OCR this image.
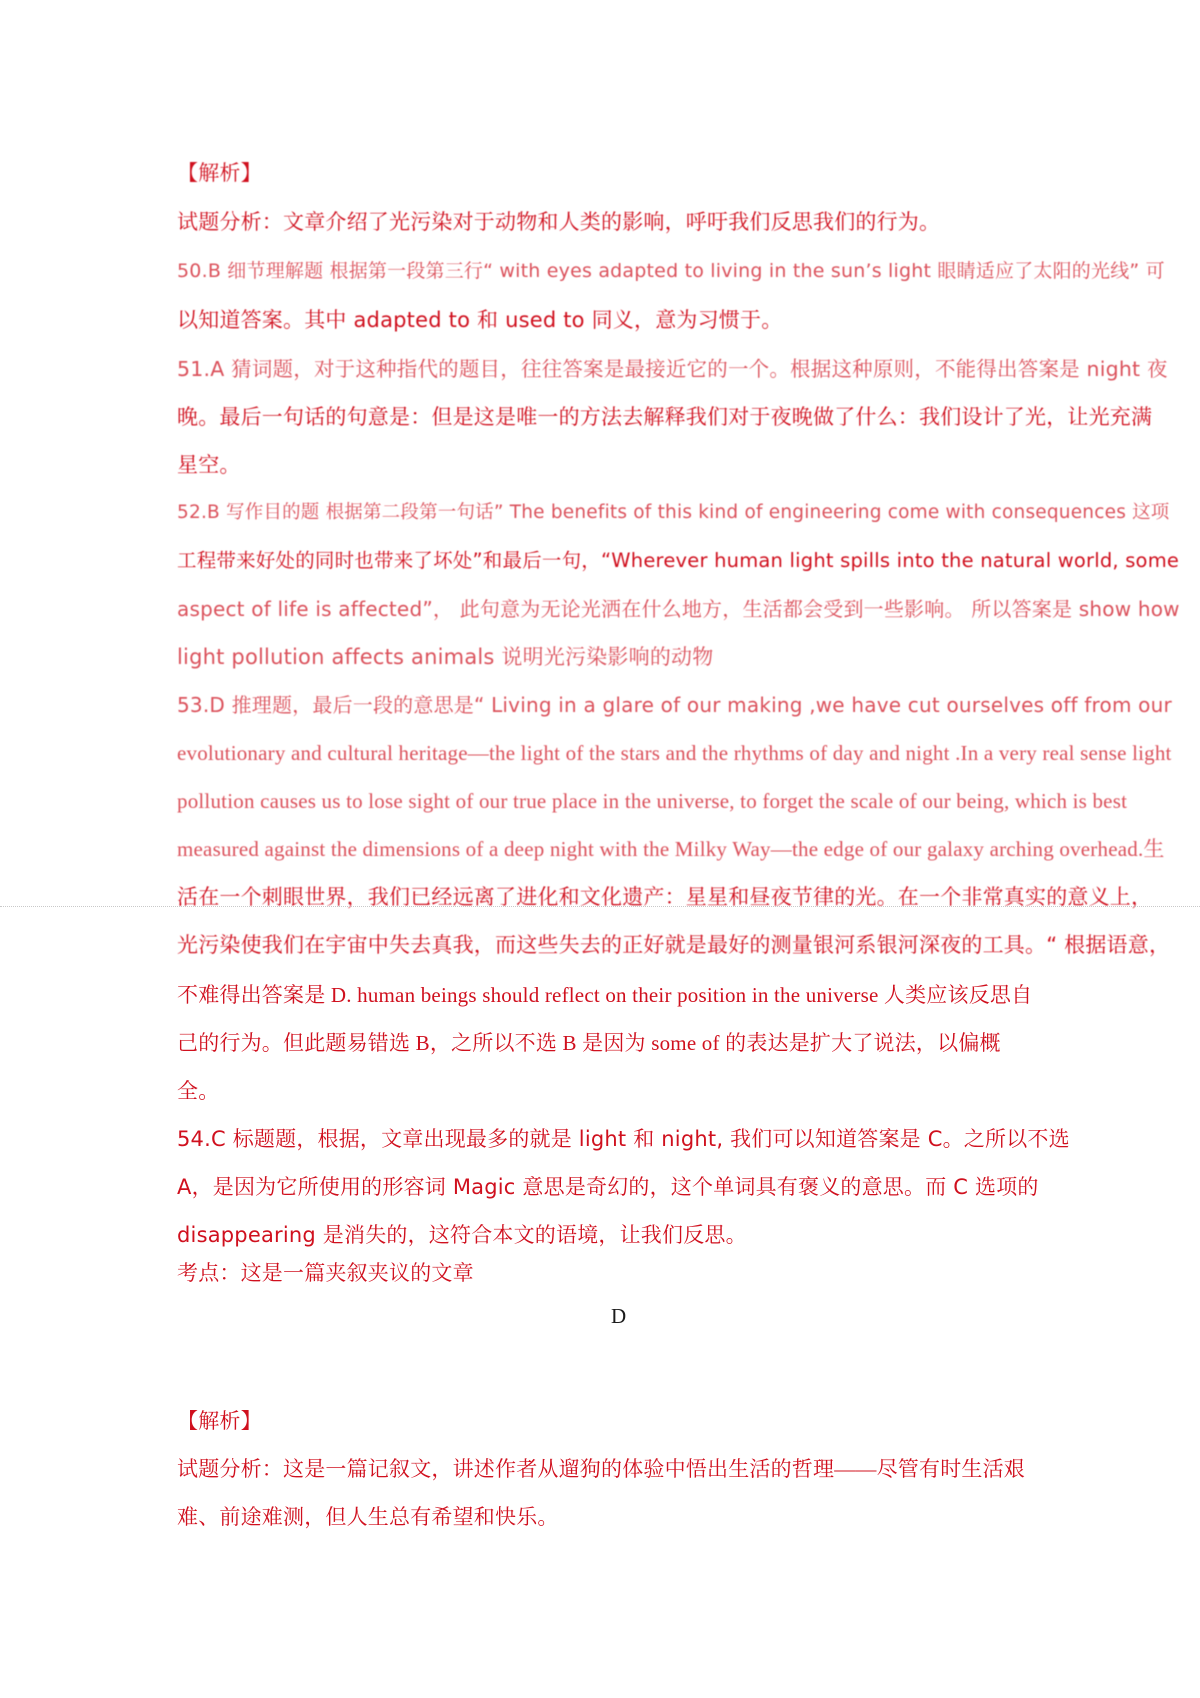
【解析】
试题分析：文章介绍了光污染对于动物和人类的影响，呼吁我们反思我们的行为。
50.B 细节理解题 根据第一段第三行“ with eyes adapted to living in the sun’s light 眼睛适应了太阳的光线” 可
以知道答案。其中 adapted to 和 used to 同义，意为习惯于。
51.A 猜词题，对于这种指代的题目，往往答案是最接近它的一个。根据这种原则，不能得出答案是 night 夜
晚。最后一句话的句意是：但是这是唯一的方法去解释我们对于夜晚做了什么：我们设计了光，让光充满
星空。
52.B 写作目的题 根据第二段第一句话” The benefits of this kind of engineering come with consequences 这项
工程带来好处的同时也带来了坏处”和最后一句，“Wherever human light spills into the natural world, some
aspect of life is affected”， 此句意为无论光洒在什么地方，生活都会受到一些影响。 所以答案是 show how
light pollution affects animals 说明光污染影响的动物
53.D 推理题，最后一段的意思是“ Living in a glare of our making ,we have cut ourselves off from our
evolutionary and cultural heritage—the light of the stars and the rhythms of day and night .In a very real sense light
pollution causes us to lose sight of our true place in the universe, to forget the scale of our being, which is best
measured against the dimensions of a deep night with the Milky Way—the edge of our galaxy arching overhead.生
活在一个刺眼世界，我们已经远离了进化和文化遗产：星星和昼夜节律的光。在一个非常真实的意义上，
光污染使我们在宇宙中失去真我，而这些失去的正好就是最好的测量银河系银河深夜的工具。“ 根据语意，
不难得出答案是 D. human beings should reflect on their position in the universe 人类应该反思自
己的行为。但此题易错选 B，之所以不选 B 是因为 some of 的表达是扩大了说法，以偏概
全。
54.C 标题题，根据，文章出现最多的就是 light 和 night, 我们可以知道答案是 C。之所以不选
A，是因为它所使用的形容词 Magic 意思是奇幻的，这个单词具有褒义的意思。而 C 选项的
disappearing 是消失的，这符合本文的语境，让我们反思。
考点：这是一篇夹叙夹议的文章
D
【解析】
试题分析：这是一篇记叙文，讲述作者从遛狗的体验中悟出生活的哲理——尽管有时生活艰
难、前途难测，但人生总有希望和快乐。
